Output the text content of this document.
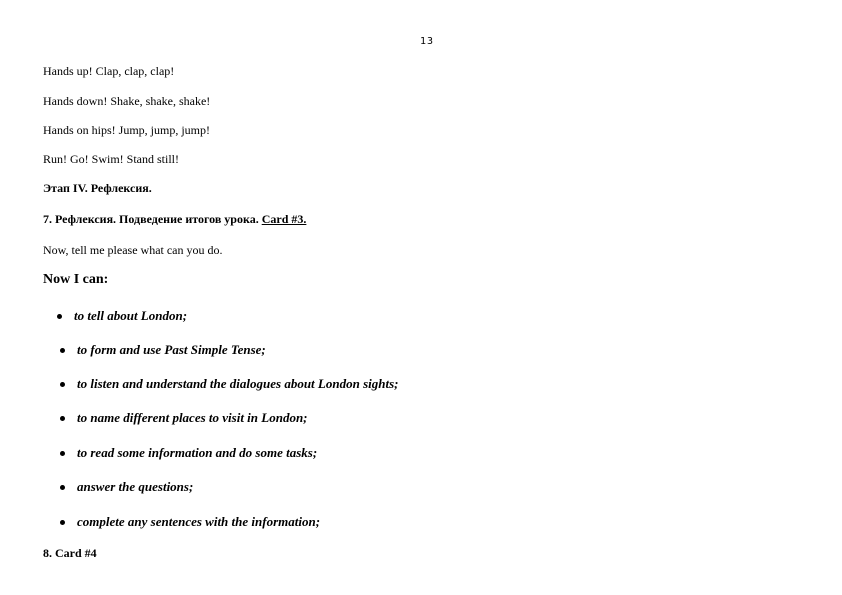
13
Hands up! Clap, clap, clap!
Hands down! Shake, shake, shake!
Hands on hips! Jump, jump, jump!
Run! Go! Swim! Stand still!
Этап IV. Рефлексия.
7. Рефлексия. Подведение итогов урока. Card #3.
Now, tell me please what can you do.
Now I can:
to tell about London;
to form and use Past Simple Tense;
to listen and understand the dialogues about London sights;
to name different places to visit in London;
to read some information and do some tasks;
answer the questions;
complete any sentences with the information;
8. Card #4
